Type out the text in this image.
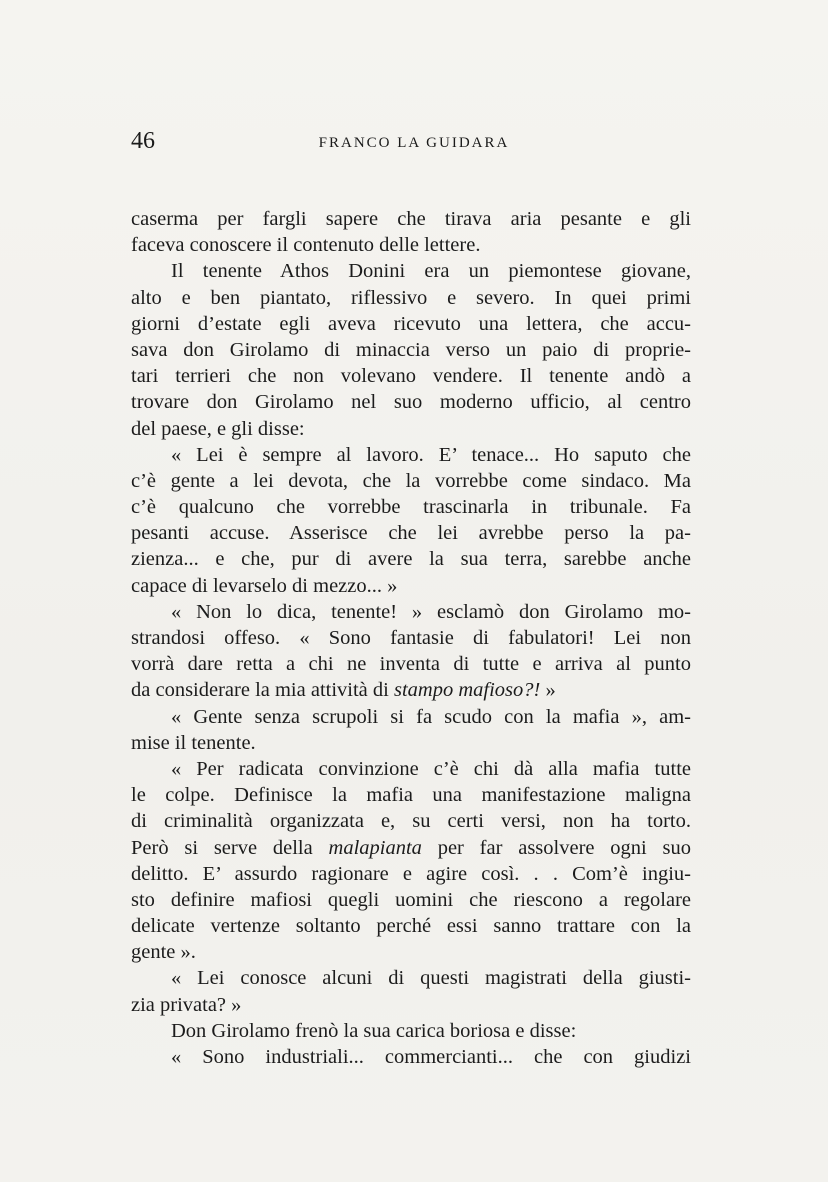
46	FRANCO LA GUIDARA
caserma per fargli sapere che tirava aria pesante e gli
faceva conoscere il contenuto delle lettere.
Il tenente Athos Donini era un piemontese giovane,
alto e ben piantato, riflessivo e severo. In quei primi
giorni d’estate egli aveva ricevuto una lettera, che accu-
sava don Girolamo di minaccia verso un paio di proprie-
tari terrieri che non volevano vendere. Il tenente andò a
trovare don Girolamo nel suo moderno ufficio, al centro
del paese, e gli disse:
« Lei è sempre al lavoro. E’ tenace... Ho saputo che
c’è gente a lei devota, che la vorrebbe come sindaco. Ma
c’è qualcuno che vorrebbe trascinarla in tribunale. Fa
pesanti accuse. Asserisce che lei avrebbe perso la pa-
zienza... e che, pur di avere la sua terra, sarebbe anche
capace di levarselo di mezzo... »
« Non lo dica, tenente! » esclamò don Girolamo mo-
strandosi offeso. « Sono fantasie di fabulatori! Lei non
vorrà dare retta a chi ne inventa di tutte e arriva al punto
da considerare la mia attività di stampo mafioso?! »
« Gente senza scrupoli si fa scudo con la mafia », am-
mise il tenente.
« Per radicata convinzione c’è chi dà alla mafia tutte
le colpe. Definisce la mafia una manifestazione maligna
di criminalità organizzata e, su certi versi, non ha torto.
Però si serve della malapianta per far assolvere ogni suo
delitto. E’ assurdo ragionare e agire così. . . Com’è ingiu-
sto definire mafiosi quegli uomini che riescono a regolare
delicate vertenze soltanto perché essi sanno trattare con la
gente ».
« Lei conosce alcuni di questi magistrati della giusti-
zia privata? »
Don Girolamo frenò la sua carica boriosa e disse:
« Sono industriali... commercianti... che con giudizi
